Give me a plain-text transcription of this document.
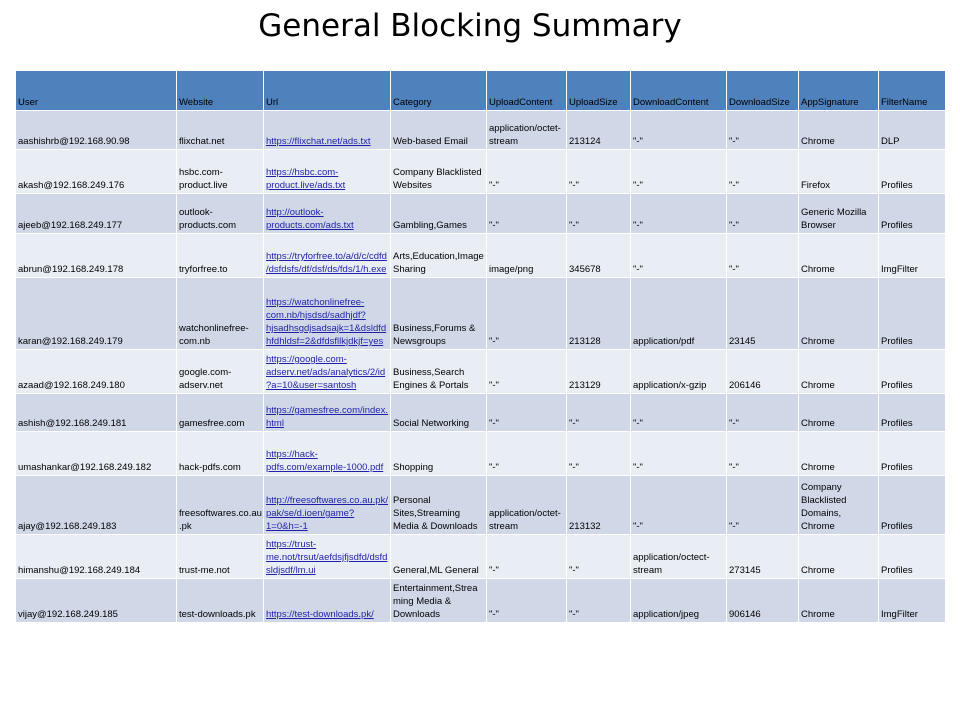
General Blocking Summary
User	Website	Url	Category	UploadContent	UploadSize	DownloadContent	DownloadSize	AppSignature	FilterName
aashishrb@192.168.90.98	flixchat.net	https://flixchat.net/ads.txt	Web-based Email	application/octet-stream	213124	"-"	"-"	Chrome	DLP
akash@192.168.249.176	hsbc.com-product.live	https://hsbc.com-product.live/ads.txt	Company Blacklisted Websites	"-"	"-"	"-"	"-"	Firefox	Profiles
ajeeb@192.168.249.177	outlook-products.com	http://outlook-products.com/ads.txt	Gambling,Games	"-"	"-"	"-"	"-"	Generic Mozilla Browser	Profiles
abrun@192.168.249.178	tryforfree.to	https://tryforfree.to/a/d/c/cdfd/dsfdsfs/df/dsf/ds/fds/1/h.exe	Arts,Education,Image Sharing	image/png	345678	"-"	"-"	Chrome	ImgFilter
karan@192.168.249.179	watchonlinefree-com.nb	https://watchonlinefree-com.nb/hjsdsd/sadhjdf?hjsadhsgdjsadsajk=1&dsldfdhfdhldsf=2&dfdsfllkjdkjf=yes	Business,Forums & Newsgroups	"-"	213128	application/pdf	23145	Chrome	Profiles
azaad@192.168.249.180	google.com-adserv.net	https://google.com-adserv.net/ads/analytics/2/id?a=10&user=santosh	Business,Search Engines & Portals	"-"	213129	application/x-gzip	206146	Chrome	Profiles
ashish@192.168.249.181	gamesfree.com	https://gamesfree.com/index.html	Social Networking	"-"	"-"	"-"	"-"	Chrome	Profiles
umashankar@192.168.249.182	hack-pdfs.com	https://hack-pdfs.com/example-1000.pdf	Shopping	"-"	"-"	"-"	"-"	Chrome	Profiles
ajay@192.168.249.183	freesoftwares.co.au.pk	http://freesoftwares.co.au.pk/pak/se/d.ioen/game?1=0&h=-1	Personal Sites,Streaming Media & Downloads	application/octet-stream	213132	"-"	"-"	Company Blacklisted Domains, Chrome	Profiles
himanshu@192.168.249.184	trust-me.not	https://trust-me.not/trsut/aefdsjfjsdfd/dsfdsldjsdf/lm.ui	General,ML General	"-"	"-"	application/octect-stream	273145	Chrome	Profiles
vijay@192.168.249.185	test-downloads.pk	https://test-downloads.pk/	Entertainment,Streaming Media & Downloads	"-"	"-"	application/jpeg	906146	Chrome	ImgFilter
